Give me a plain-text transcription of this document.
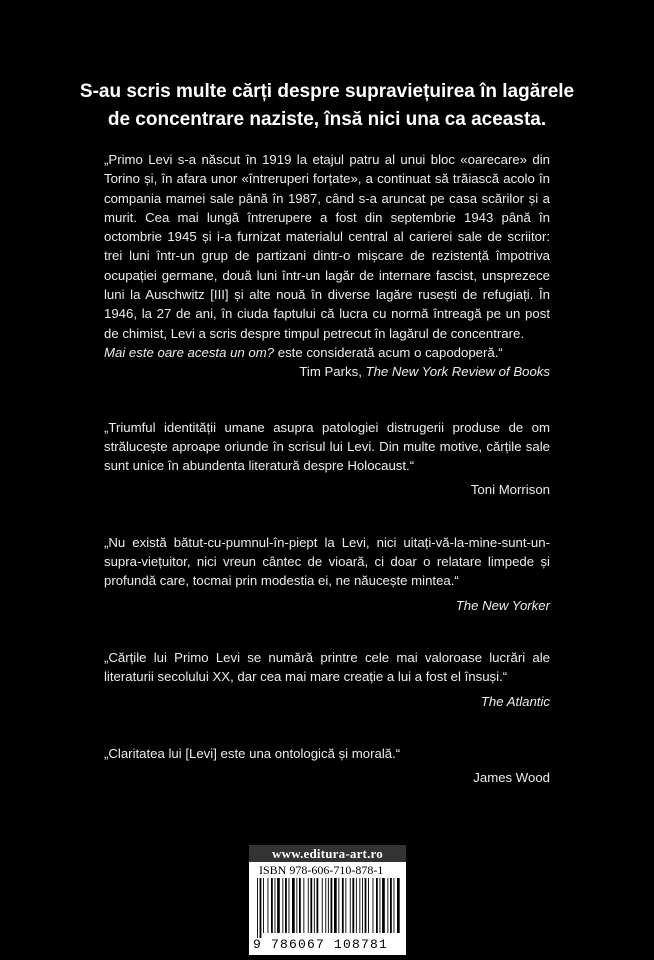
S-au scris multe cărți despre supraviețuirea în lagărele
de concentrare naziste, însă nici una ca aceasta.

„Primo Levi s-a născut în 1919 la etajul patru al unui bloc «oarecare» din Torino și, în afara unor «întreruperi forțate», a continuat să trăiască acolo în compania mamei sale până în 1987, când s-a aruncat pe casa scărilor și a murit. Cea mai lungă întrerupere a fost din septembrie 1943 până în octombrie 1945 și i-a furnizat materialul central al carierei sale de scriitor: trei luni într-un grup de partizani dintr-o mișcare de rezistență împotriva ocupației germane, două luni într-un lagăr de internare fascist, unsprezece luni la Auschwitz [III] și alte nouă în diverse lagăre rusești de refugiați. În 1946, la 27 de ani, în ciuda faptului că lucra cu normă întreagă pe un post de chimist, Levi a scris despre timpul petrecut în lagărul de concentrare.
Mai este oare acesta un om? este considerată acum o capodoperă.“

Tim Parks, The New York Review of Books

„Triumful identității umane asupra patologiei distrugerii produse de om strălucește aproape oriunde în scrisul lui Levi. Din multe motive, cărțile sale sunt unice în abundenta literatură despre Holocaust.“

Toni Morrison

„Nu există bătut-cu-pumnul-în-piept la Levi, nici uitați-vă-la-mine-sunt-un-supra-viețuitor, nici vreun cântec de vioară, ci doar o relatare limpede și profundă care, tocmai prin modestia ei, ne năucește mintea.“

The New Yorker

„Cărțile lui Primo Levi se numără printre cele mai valoroase lucrări ale literaturii secolului XX, dar cea mai mare creație a lui a fost el însuși.“

The Atlantic

„Claritatea lui [Levi] este una ontologică și morală.“

James Wood
www.editura-art.ro
ISBN 978-606-710-878-1
9 786067 108781
